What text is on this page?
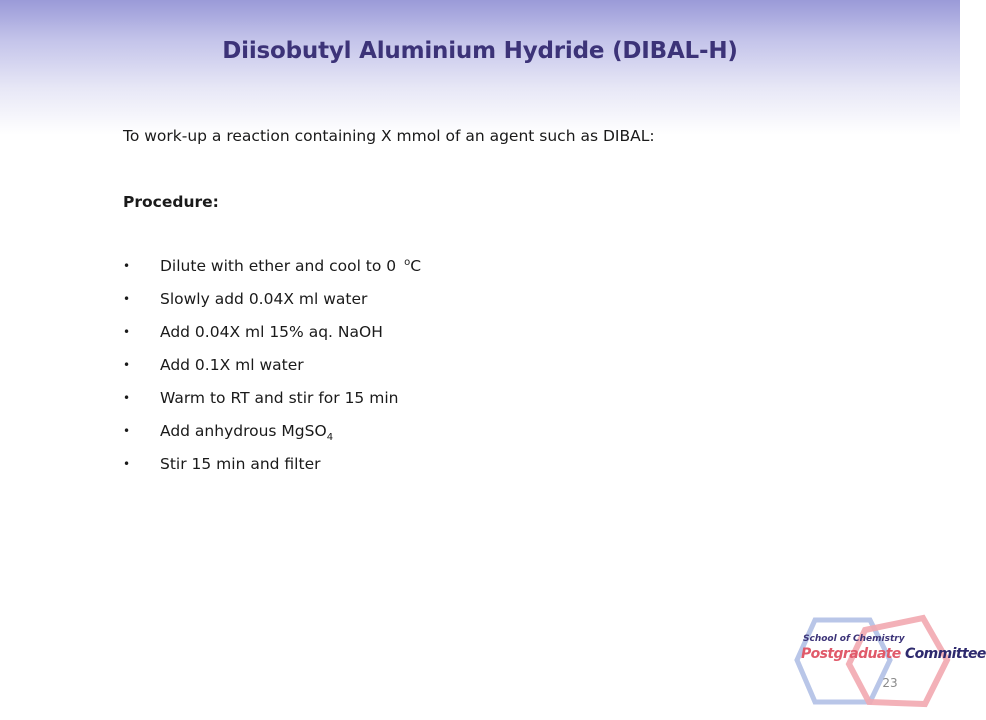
Diisobutyl Aluminium Hydride (DIBAL-H)

To work-up a reaction containing X mmol of an agent such as DIBAL:

Procedure:

• Dilute with ether and cool to 0 $^o$C
• Slowly add 0.04X ml water
• Add 0.04X ml 15% aq. NaOH
• Add 0.1X ml water
• Warm to RT and stir for 15 min
• Add anhydrous MgSO$_4$
• Stir 15 min and filter
School of Chemistry
Postgraduate Committee
23
